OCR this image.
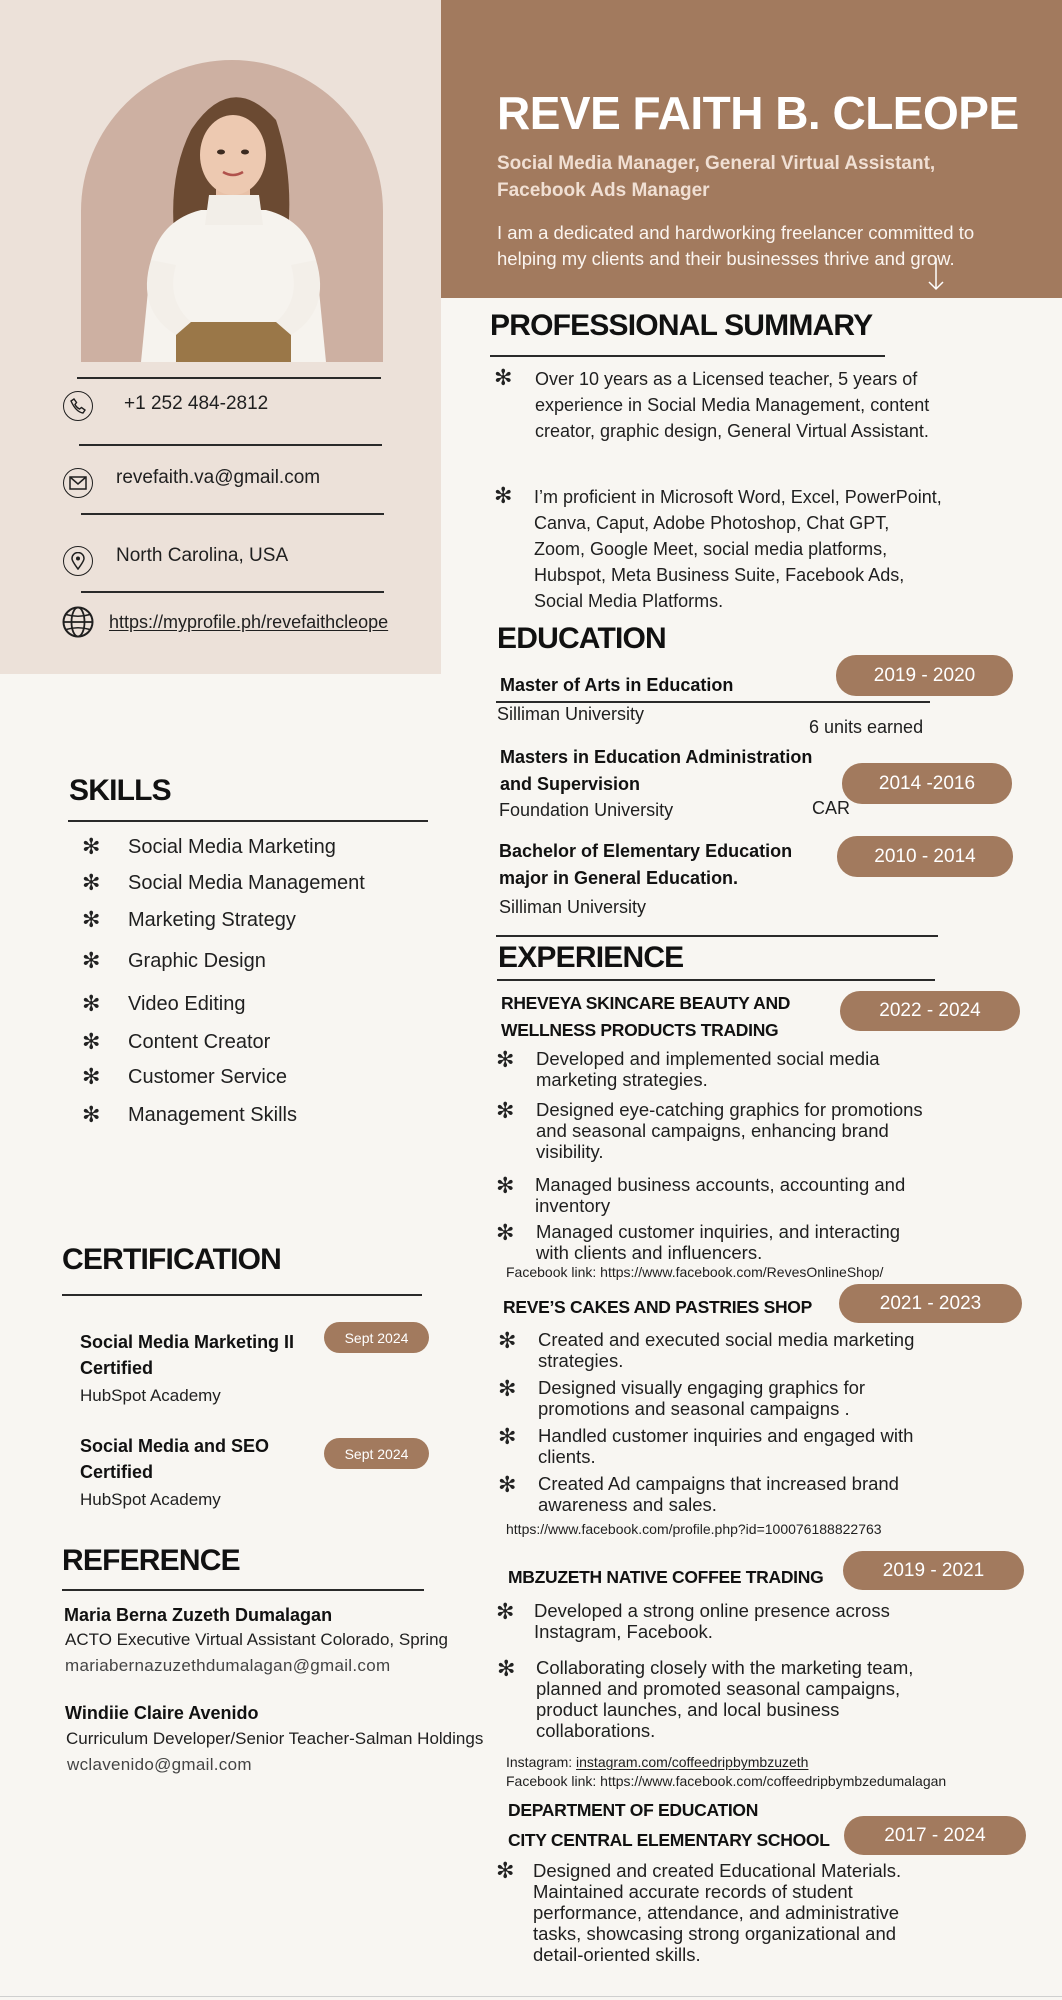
+1 252 484-2812
revefaith.va@gmail.com
North Carolina, USA
https://myprofile.ph/revefaithcleope
REVE FAITH B. CLEOPE
Social Media Manager, General Virtual Assistant, Facebook Ads Manager
I am a dedicated and hardworking freelancer committed to helping my clients and their businesses thrive and grow.
PROFESSIONAL SUMMARY
✻ Over 10 years as a Licensed teacher, 5 years of experience in Social Media Management, content creator, graphic design, General Virtual Assistant.
✻ I’m proficient in Microsoft Word, Excel, PowerPoint, Canva, Caput, Adobe Photoshop, Chat GPT, Zoom, Google Meet, social media platforms, Hubspot, Meta Business Suite, Facebook Ads, Social Media Platforms.
EDUCATION
Master of Arts in Education
Silliman University
6 units earned
2019 - 2020
Masters in Education Administration and Supervision
Foundation University	CAR
2014 -2016
Bachelor of Elementary Education major in General Education.
Silliman University
2010 - 2014
EXPERIENCE
RHEVEYA SKINCARE BEAUTY AND WELLNESS PRODUCTS TRADING
2022 - 2024
✻ Developed and implemented social media marketing strategies.
✻ Designed eye-catching graphics for promotions and seasonal campaigns, enhancing brand visibility.
✻ Managed business accounts, accounting and inventory
✻ Managed customer inquiries, and interacting with clients and influencers.
Facebook link: https://www.facebook.com/RevesOnlineShop/
REVE’S CAKES AND PASTRIES SHOP	2021 - 2023
✻ Created and executed social media marketing strategies.
✻ Designed visually engaging graphics for promotions and seasonal campaigns .
✻ Handled customer inquiries and engaged with clients.
✻ Created Ad campaigns that increased brand awareness and sales.
https://www.facebook.com/profile.php?id=100076188822763
MBZUZETH NATIVE COFFEE TRADING	2019 - 2021
✻ Developed a strong online presence across Instagram, Facebook.
✻ Collaborating closely with the marketing team, planned and promoted seasonal campaigns, product launches, and local business collaborations.
Instagram: instagram.com/coffeedripbymbzuzeth
Facebook link: https://www.facebook.com/coffeedripbymbzedumalagan
DEPARTMENT OF EDUCATION
CITY CENTRAL ELEMENTARY SCHOOL	2017 - 2024
✻ Designed and created Educational Materials. Maintained accurate records of student performance, attendance, and administrative tasks, showcasing strong organizational and detail-oriented skills.
SKILLS
✻ Social Media Marketing
✻ Social Media Management
✻ Marketing Strategy
✻ Graphic Design
✻ Video Editing
✻ Content Creator
✻ Customer Service
✻ Management Skills
CERTIFICATION
Social Media Marketing II Certified
HubSpot Academy
Sept 2024
Social Media and SEO Certified
HubSpot Academy
Sept 2024
REFERENCE
Maria Berna Zuzeth Dumalagan
ACTO Executive Virtual Assistant Colorado, Spring
mariabernazuzethdumalagan@gmail.com
Windiie Claire Avenido
Curriculum Developer/Senior Teacher-Salman Holdings
wclavenido@gmail.com
